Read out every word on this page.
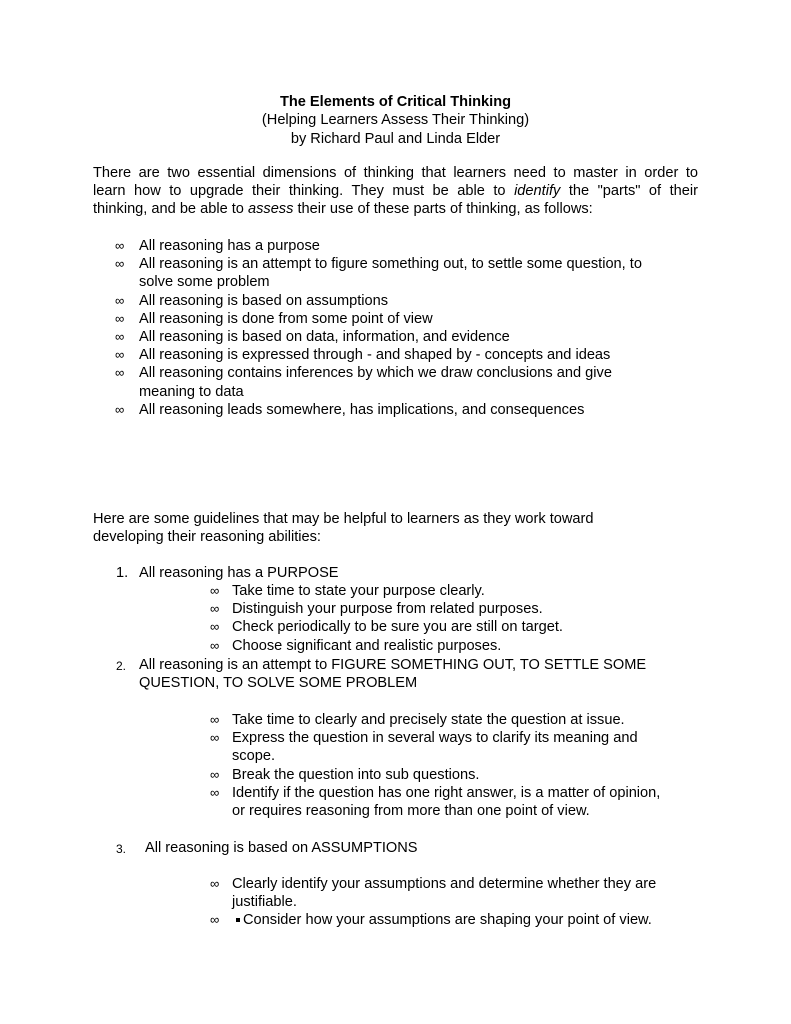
The Elements of Critical Thinking
(Helping Learners Assess Their Thinking)
by Richard Paul and Linda Elder
There are two essential dimensions of thinking that learners need to master in order to
learn how to upgrade their thinking. They must be able to identify the "parts" of their
thinking, and be able to assess their use of these parts of thinking, as follows:
∞ All reasoning has a purpose
∞ All reasoning is an attempt to figure something out, to settle some question, to
solve some problem
∞ All reasoning is based on assumptions
∞ All reasoning is done from some point of view
∞ All reasoning is based on data, information, and evidence
∞ All reasoning is expressed through - and shaped by - concepts and ideas
∞ All reasoning contains inferences by which we draw conclusions and give
meaning to data
∞ All reasoning leads somewhere, has implications, and consequences
Here are some guidelines that may be helpful to learners as they work toward
developing their reasoning abilities:
1. All reasoning has a PURPOSE
∞ Take time to state your purpose clearly.
∞ Distinguish your purpose from related purposes.
∞ Check periodically to be sure you are still on target.
∞ Choose significant and realistic purposes.
2. All reasoning is an attempt to FIGURE SOMETHING OUT, TO SETTLE SOME
QUESTION, TO SOLVE SOME PROBLEM
∞ Take time to clearly and precisely state the question at issue.
∞ Express the question in several ways to clarify its meaning and
scope.
∞ Break the question into sub questions.
∞ Identify if the question has one right answer, is a matter of opinion,
or requires reasoning from more than one point of view.
3.	All reasoning is based on ASSUMPTIONS
∞ Clearly identify your assumptions and determine whether they are
justifiable.
∞	Consider how your assumptions are shaping your point of view.
